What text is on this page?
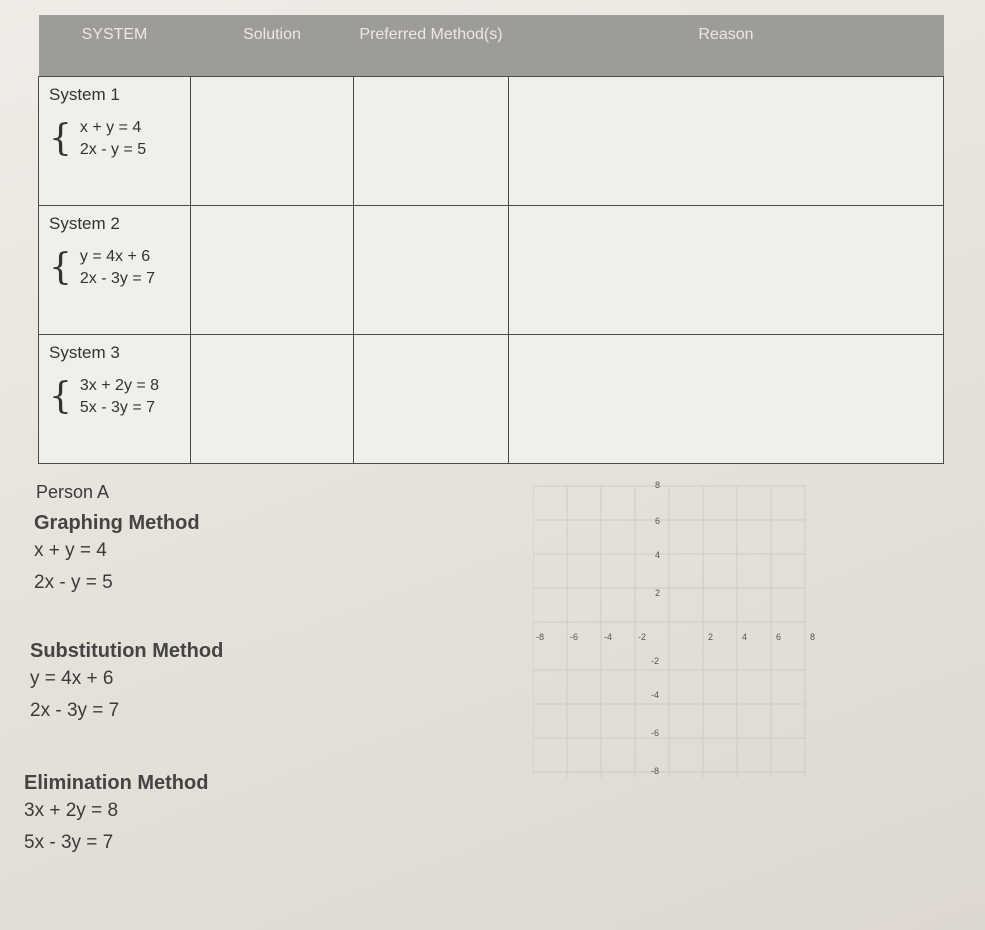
SYSTEM	Solution	Preferred Method(s)	Reason

System 1
{ x + y = 4
2x - y = 5			

System 2
{ y = 4x + 6
2x - 3y = 7			

System 3
{ 3x + 2y = 8
5x - 3y = 7			

Person A
Graphing Method
x + y = 4
2x - y = 5
Substitution Method
y = 4x + 6
2x - 3y = 7
Elimination Method
3x + 2y = 8
5x - 3y = 7
-8	-6	-4	-2	2	4	6	8
8
6
4
2
-2
-4
-6
-8
